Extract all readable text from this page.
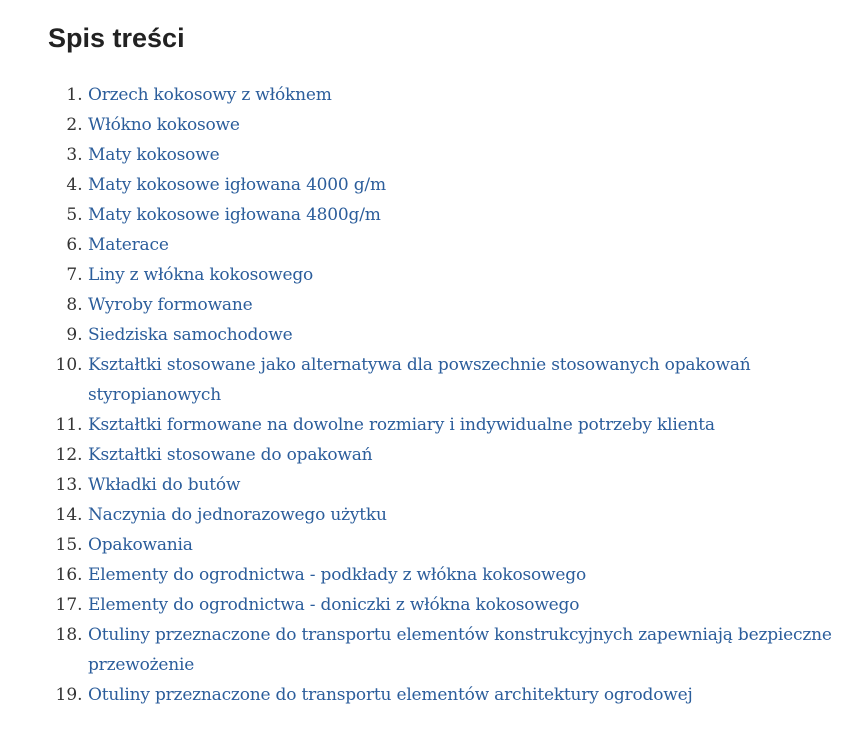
Spis treści
1. Orzech kokosowy z włóknem
2. Włókno kokosowe
3. Maty kokosowe
4. Maty kokosowe igłowana 4000 g/m
5. Maty kokosowe igłowana 4800g/m
6. Materace
7. Liny z włókna kokosowego
8. Wyroby formowane
9. Siedziska samochodowe
10. Kształtki stosowane jako alternatywa dla powszechnie stosowanych opakowań styropianowych
11. Kształtki formowane na dowolne rozmiary i indywidualne potrzeby klienta
12. Kształtki stosowane do opakowań
13. Wkładki do butów
14. Naczynia do jednorazowego użytku
15. Opakowania
16. Elementy do ogrodnictwa - podkłady z włókna kokosowego
17. Elementy do ogrodnictwa - doniczki z włókna kokosowego
18. Otuliny przeznaczone do transportu elementów konstrukcyjnych zapewniają bezpieczne przewożenie
19. Otuliny przeznaczone do transportu elementów architektury ogrodowej
